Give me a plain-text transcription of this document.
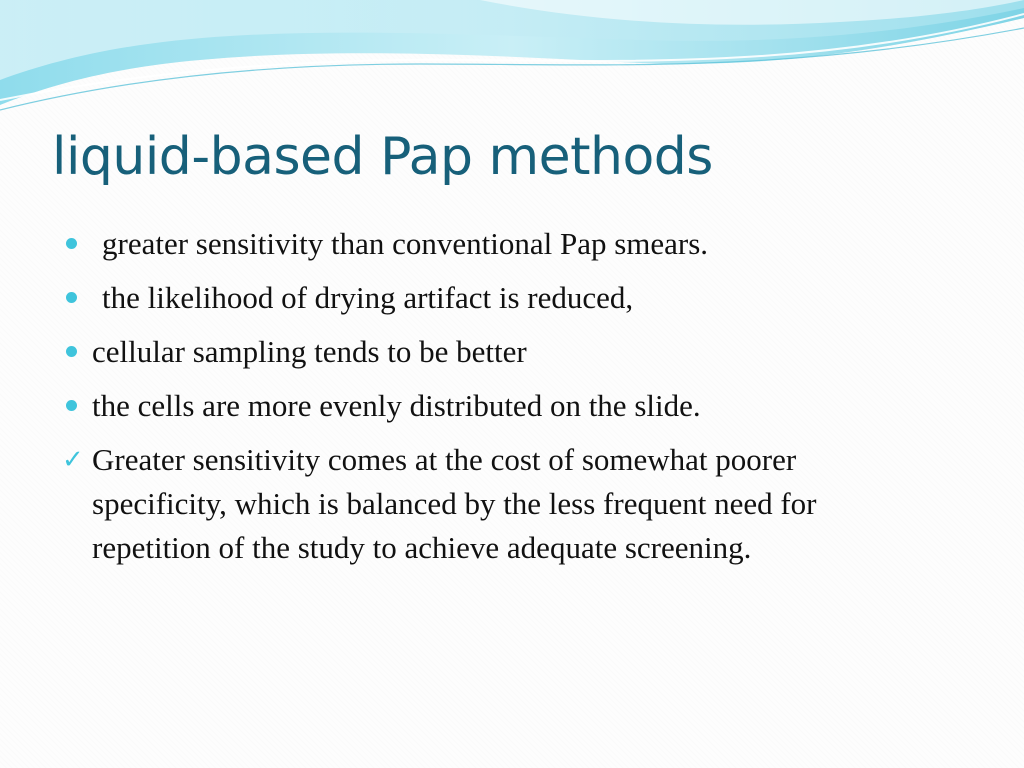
liquid-based Pap methods
greater sensitivity than conventional Pap smears.
the likelihood of drying artifact is reduced,
cellular sampling tends to be better
the cells are more evenly distributed on the slide.
✓ Greater sensitivity comes at the cost of somewhat poorer specificity, which is balanced by the less frequent need for repetition of the study to achieve adequate screening.
